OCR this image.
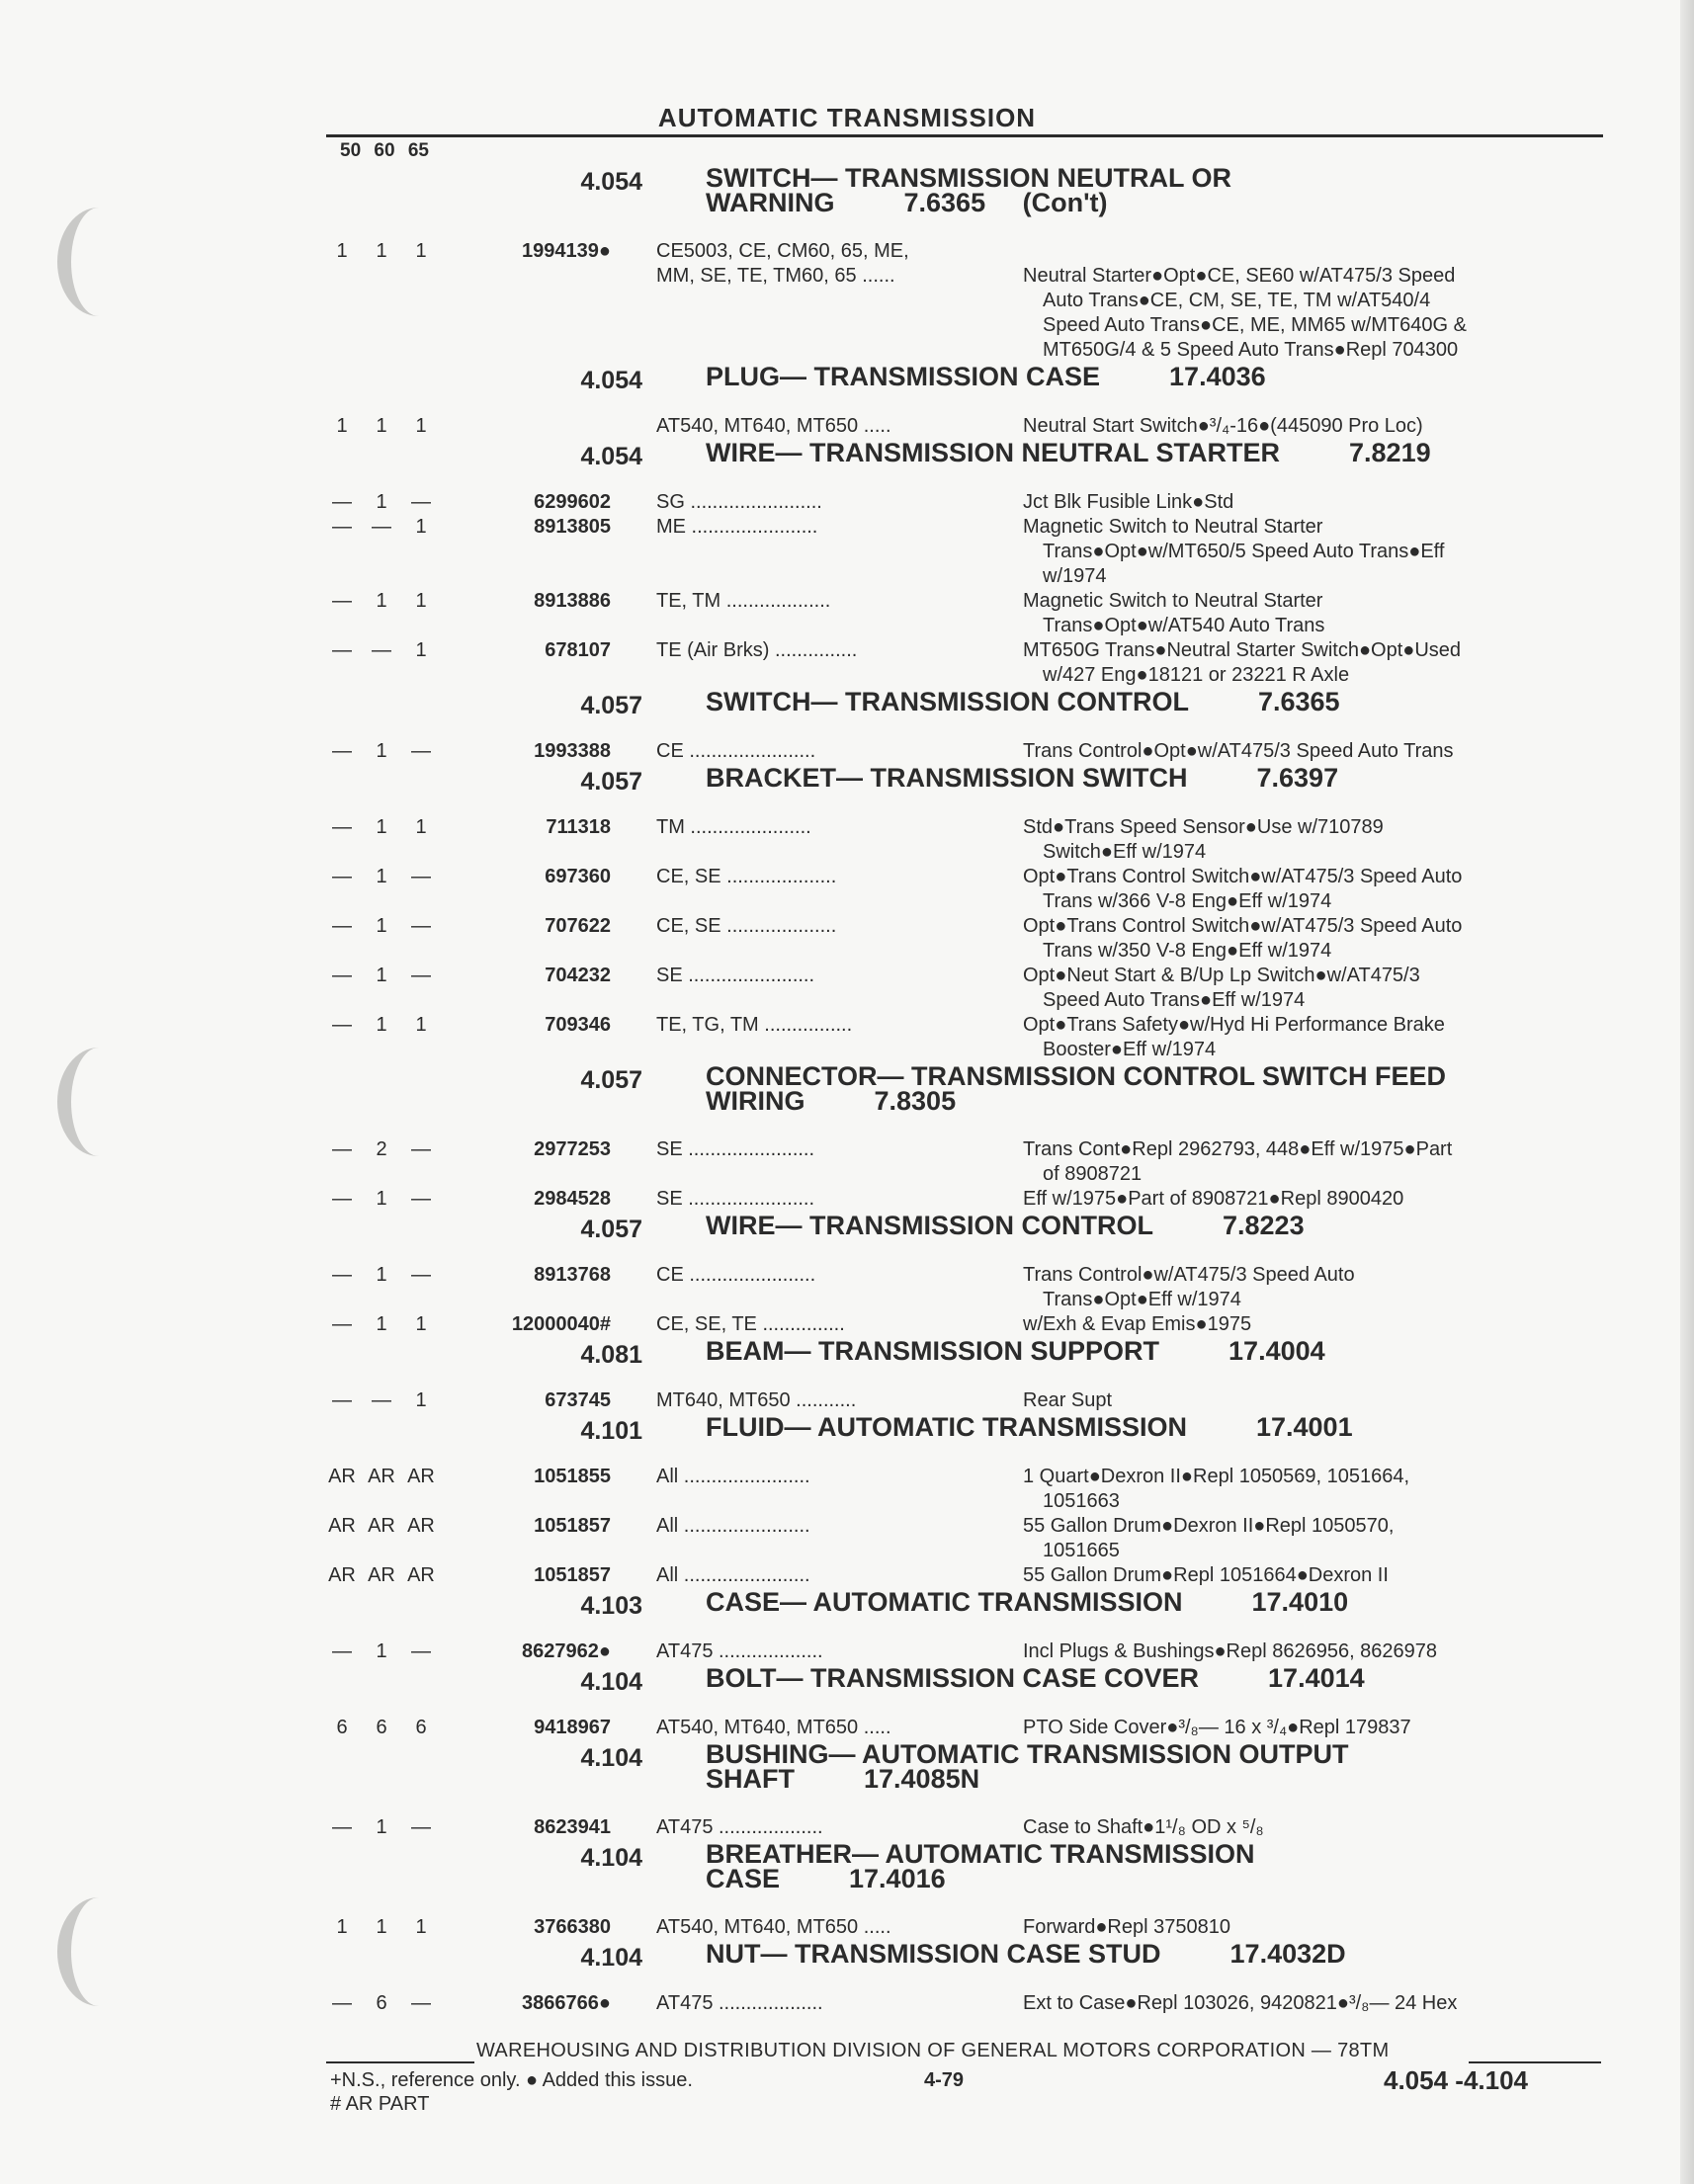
AUTOMATIC TRANSMISSION
50 60 65
4.054 SWITCH— TRANSMISSION NEUTRAL OR
WARNING	7.6365     (Con't)
1	1	1	1994139● CE5003, CE, CM60, 65, ME,

MM, SE, TE, TM60, 65 ......	Neutral Starter●Opt●CE, SE60 w/AT475/3 Speed
Auto Trans●CE, CM, SE, TE, TM w/AT540/4
Speed Auto Trans●CE, ME, MM65 w/MT640G &
MT650G/4 & 5 Speed Auto Trans●Repl 704300
4.054 PLUG— TRANSMISSION CASE	17.4036
1	1	1	AT540, MT640, MT650 .....	Neutral Start Switch●³/₄-16●(445090 Pro Loc)
4.054 WIRE— TRANSMISSION NEUTRAL STARTER	7.8219
—	1	—	6299602 SG ........................	Jct Blk Fusible Link●Std
—	—	1	8913805 ME .......................	Magnetic Switch to Neutral Starter
Trans●Opt●w/MT650/5 Speed Auto Trans●Eff
w/1974
—	1	1	8913886 TE, TM ...................	Magnetic Switch to Neutral Starter
Trans●Opt●w/AT540 Auto Trans
—	—	1	678107 TE (Air Brks) ...............	MT650G Trans●Neutral Starter Switch●Opt●Used
w/427 Eng●18121 or 23221 R Axle
4.057 SWITCH— TRANSMISSION CONTROL	7.6365
—	1	—	1993388 CE .......................	Trans Control●Opt●w/AT475/3 Speed Auto Trans
4.057 BRACKET— TRANSMISSION SWITCH	7.6397
—	1	1	711318 TM ......................	Std●Trans Speed Sensor●Use w/710789
Switch●Eff w/1974
—	1	—	697360 CE, SE ....................	Opt●Trans Control Switch●w/AT475/3 Speed Auto
Trans w/366 V-8 Eng●Eff w/1974
—	1	—	707622 CE, SE ....................	Opt●Trans Control Switch●w/AT475/3 Speed Auto
Trans w/350 V-8 Eng●Eff w/1974
—	1	—	704232 SE .......................	Opt●Neut Start & B/Up Lp Switch●w/AT475/3
Speed Auto Trans●Eff w/1974
—	1	1	709346 TE, TG, TM ................	Opt●Trans Safety●w/Hyd Hi Performance Brake
Booster●Eff w/1974
4.057 CONNECTOR— TRANSMISSION CONTROL SWITCH FEED
WIRING	7.8305
—	2	—	2977253 SE .......................	Trans Cont●Repl 2962793, 448●Eff w/1975●Part
of 8908721
—	1	—	2984528 SE .......................	Eff w/1975●Part of 8908721●Repl 8900420
4.057 WIRE— TRANSMISSION CONTROL	7.8223
—	1	—	8913768 CE .......................	Trans Control●w/AT475/3 Speed Auto
Trans●Opt●Eff w/1974
—	1	1	12000040# CE, SE, TE ...............	w/Exh & Evap Emis●1975
4.081 BEAM— TRANSMISSION SUPPORT	17.4004
—	—	1	673745 MT640, MT650 ...........	Rear Supt
4.101 FLUID— AUTOMATIC TRANSMISSION	17.4001
AR AR AR	1051855 All .......................	1 Quart●Dexron II●Repl 1050569, 1051664,
1051663
AR AR AR	1051857 All .......................	55 Gallon Drum●Dexron II●Repl 1050570,
1051665
AR AR AR	1051857 All .......................	55 Gallon Drum●Repl 1051664●Dexron II
4.103 CASE— AUTOMATIC TRANSMISSION	17.4010
—	1	—	8627962● AT475 ...................	Incl Plugs & Bushings●Repl 8626956, 8626978
4.104 BOLT— TRANSMISSION CASE COVER	17.4014
6	6	6	9418967 AT540, MT640, MT650 .....	PTO Side Cover●³/₈— 16 x ³/₄●Repl 179837
4.104 BUSHING— AUTOMATIC TRANSMISSION OUTPUT
SHAFT	17.4085N
—	1	—	8623941 AT475 ...................	Case to Shaft●1¹/₈ OD x ⁵/₈
4.104 BREATHER— AUTOMATIC TRANSMISSION
CASE	17.4016
1	1	1	3766380 AT540, MT640, MT650 .....	Forward●Repl 3750810
4.104 NUT— TRANSMISSION CASE STUD	17.4032D
—	6	—	3866766● AT475 ...................	Ext to Case●Repl 103026, 9420821●³/₈— 24 Hex
WAREHOUSING AND DISTRIBUTION DIVISION OF GENERAL MOTORS CORPORATION — 78TM
+N.S., reference only. ● Added this issue.
# AR PART
4-79	4.054 -4.104
